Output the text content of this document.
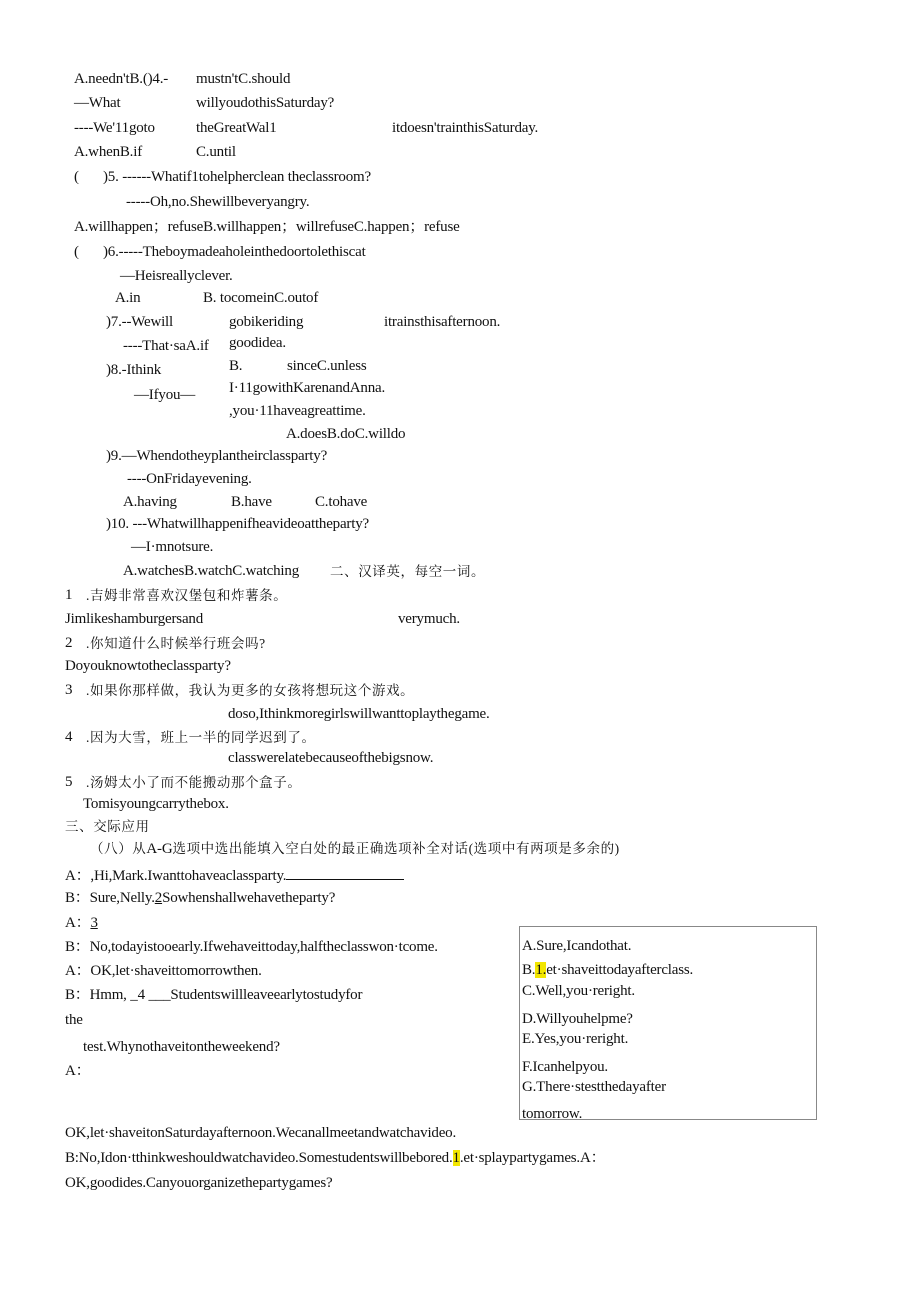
A.needn'tB.()4.- mustn'tC.should
—What	willyoudothisSaturday?
----We'11goto	theGreatWal1	itdoesn'trainthisSaturday.
A.whenB.if	C.until
( )5. ------Whatif1tohelpherclean theclassroom?
-----Oh,no.Shewillbeveryangry.
A.willhappen；refuseB.willhappen；willrefuseC.happen；refuse
( )6.-----Theboymadeaholeinthedoortolethiscat
—Heisreallyclever.
A.in	B. tocomeinC.outof
)7.--Wewill	gobikeriding	itrainsthisafternoon.
goodidea.
----That·saA.if
B.	sinceC.unless
)8.-Ithink
I·11gowithKarenandAnna.
—Ifyou—
,you·11haveagreattime.
A.doesB.doC.willdo
)9.—Whendotheyplantheirclassparty?
----OnFridayevening.
A.having	B.have	C.tohave
)10. ---Whatwillhappenifheavideoattheparty?
—I·mnotsure.
A.watchesB.watchC.watching 二、汉译英，每空一词。
1 .吉姆非常喜欢汉堡包和炸薯条。
Jimlikeshamburgersand	verymuch.
2 .你知道什么时候举行班会吗?
Doyouknowtotheclassparty?
3 .如果你那样做，我认为更多的女孩将想玩这个游戏。
doso,Ithinkmoregirlswillwanttoplaythegame.
4 .因为大雪，班上一半的同学迟到了。
classwerelatebecauseofthebigsnow.
5 .汤姆太小了而不能搬动那个盒子。
Tomisyoungcarrythebox.
三、交际应用
（八）从A-G选项中选出能填入空白处的最正确选项补全对话(选项中有两项是多余的)
A：,Hi,Mark.Iwanttohaveaclassparty.
B：Sure,Nelly.2Sowhenshallwehavetheparty?
A：3
B：No,todayistooearly.Ifwehaveittoday,halftheclasswon·tcome.
A：OK,let·shaveittomorrowthen.
B：Hmm, _4 ___Studentswillleaveearlytostudyfor
the
test.Whynothaveitontheweekend?
A：
OK,let·shaveitonSaturdayafternoon.Wecanallmeetandwatchavideo.
B:No,Idon·tthinkweshouldwatchavideo.Somestudentswillbebored.1.et·splaypartygames.A：
OK,goodides.Canyouorganizethepartygames?
A.Sure,Icandothat.
B.1.et·shaveittodayafterclass.
C.Well,you·reright.
D.Willyouhelpme?
E.Yes,you·reright.
F.Icanhelpyou.
G.There·stestthedayafter
tomorrow.
